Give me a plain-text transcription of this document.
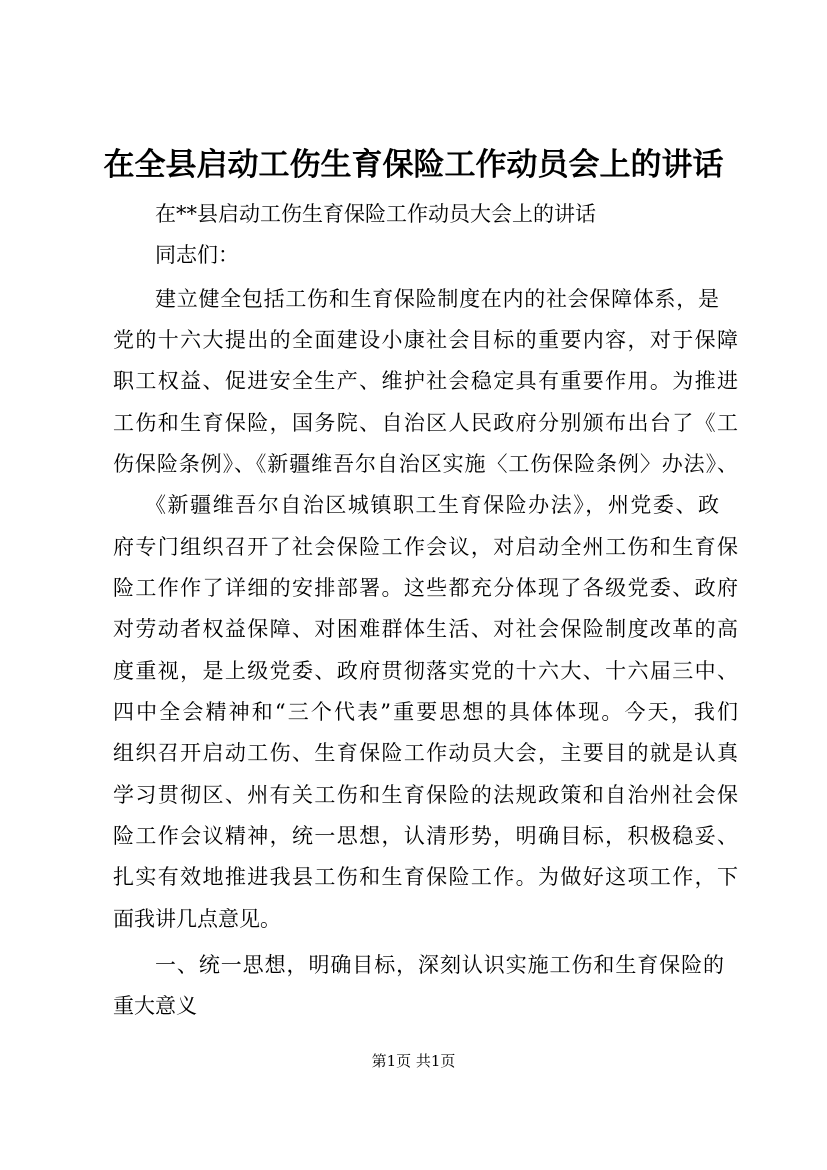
在全县启动工伤生育保险工作动员会上的讲话
在**县启动工伤生育保险工作动员大会上的讲话
同志们：
建立健全包括工伤和生育保险制度在内的社会保障体系，是
党的十六大提出的全面建设小康社会目标的重要内容，对于保障
职工权益、促进安全生产、维护社会稳定具有重要作用。为推进
工伤和生育保险，国务院、自治区人民政府分别颁布出台了《工
伤保险条例》、《新疆维吾尔自治区实施〈工伤保险条例〉办法》、
《新疆维吾尔自治区城镇职工生育保险办法》，州党委、政
府专门组织召开了社会保险工作会议，对启动全州工伤和生育保
险工作作了详细的安排部署。这些都充分体现了各级党委、政府
对劳动者权益保障、对困难群体生活、对社会保险制度改革的高
度重视，是上级党委、政府贯彻落实党的十六大、十六届三中、
四中全会精神和“三个代表”重要思想的具体体现。今天，我们
组织召开启动工伤、生育保险工作动员大会，主要目的就是认真
学习贯彻区、州有关工伤和生育保险的法规政策和自治州社会保
险工作会议精神，统一思想，认清形势，明确目标，积极稳妥、
扎实有效地推进我县工伤和生育保险工作。为做好这项工作，下
面我讲几点意见。
一、统一思想，明确目标，深刻认识实施工伤和生育保险的
重大意义
第1页 共1页
